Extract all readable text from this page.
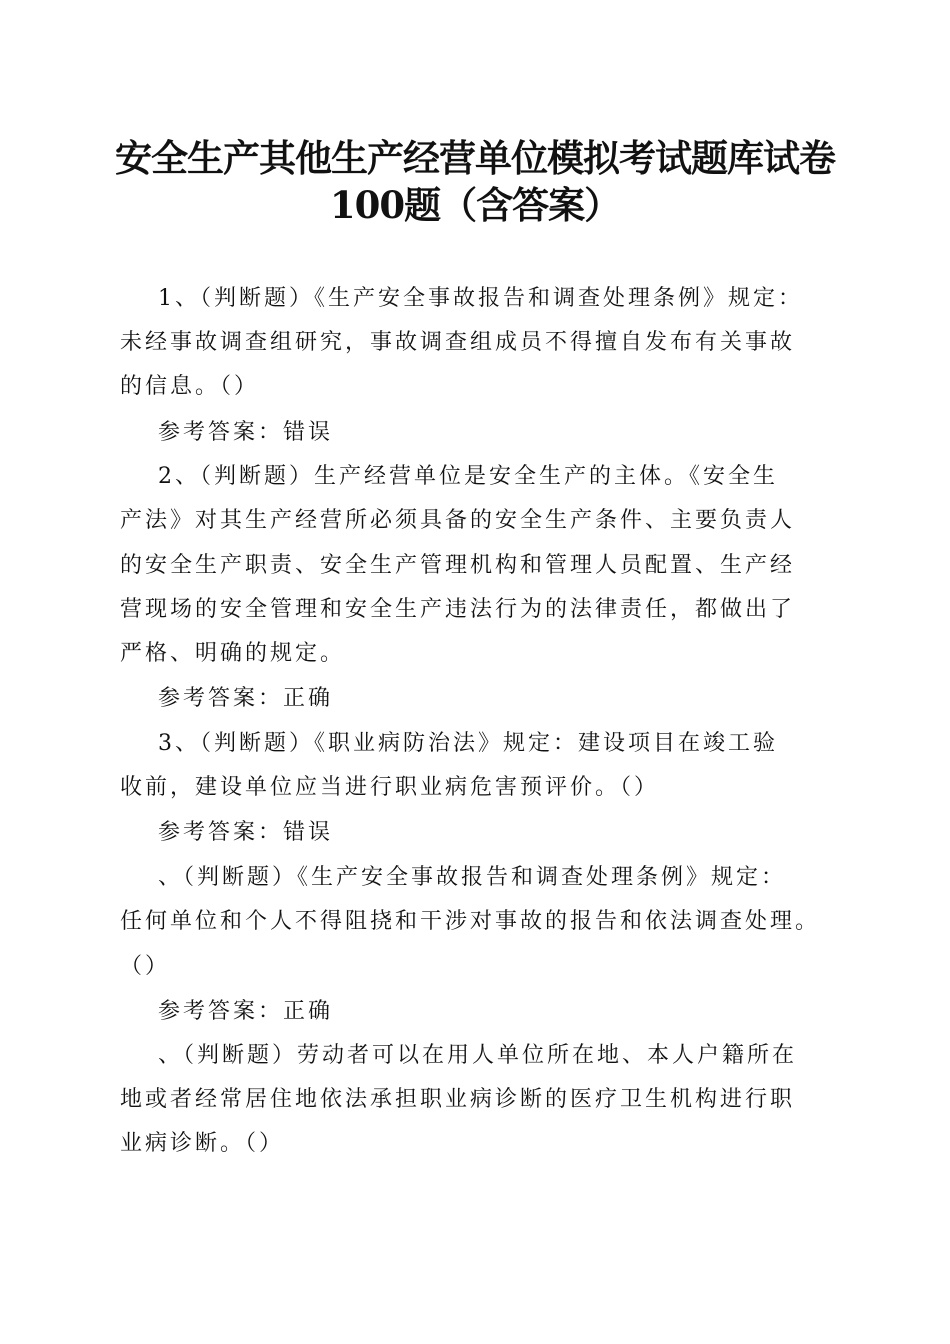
安全生产其他生产经营单位模拟考试题库试卷
100题（含答案）
1、（判断题）《生产安全事故报告和调查处理条例》规定：
未经事故调查组研究，事故调查组成员不得擅自发布有关事故
的信息。（）
参考答案：错误
2、（判断题）生产经营单位是安全生产的主体。《安全生
产法》对其生产经营所必须具备的安全生产条件、主要负责人
的安全生产职责、安全生产管理机构和管理人员配置、生产经
营现场的安全管理和安全生产违法行为的法律责任，都做出了
严格、明确的规定。
参考答案：正确
3、（判断题）《职业病防治法》规定：建设项目在竣工验
收前，建设单位应当进行职业病危害预评价。（）
参考答案：错误
、（判断题）《生产安全事故报告和调查处理条例》规定：
任何单位和个人不得阻挠和干涉对事故的报告和依法调查处理。
（）
参考答案：正确
、（判断题）劳动者可以在用人单位所在地、本人户籍所在
地或者经常居住地依法承担职业病诊断的医疗卫生机构进行职
业病诊断。（）
